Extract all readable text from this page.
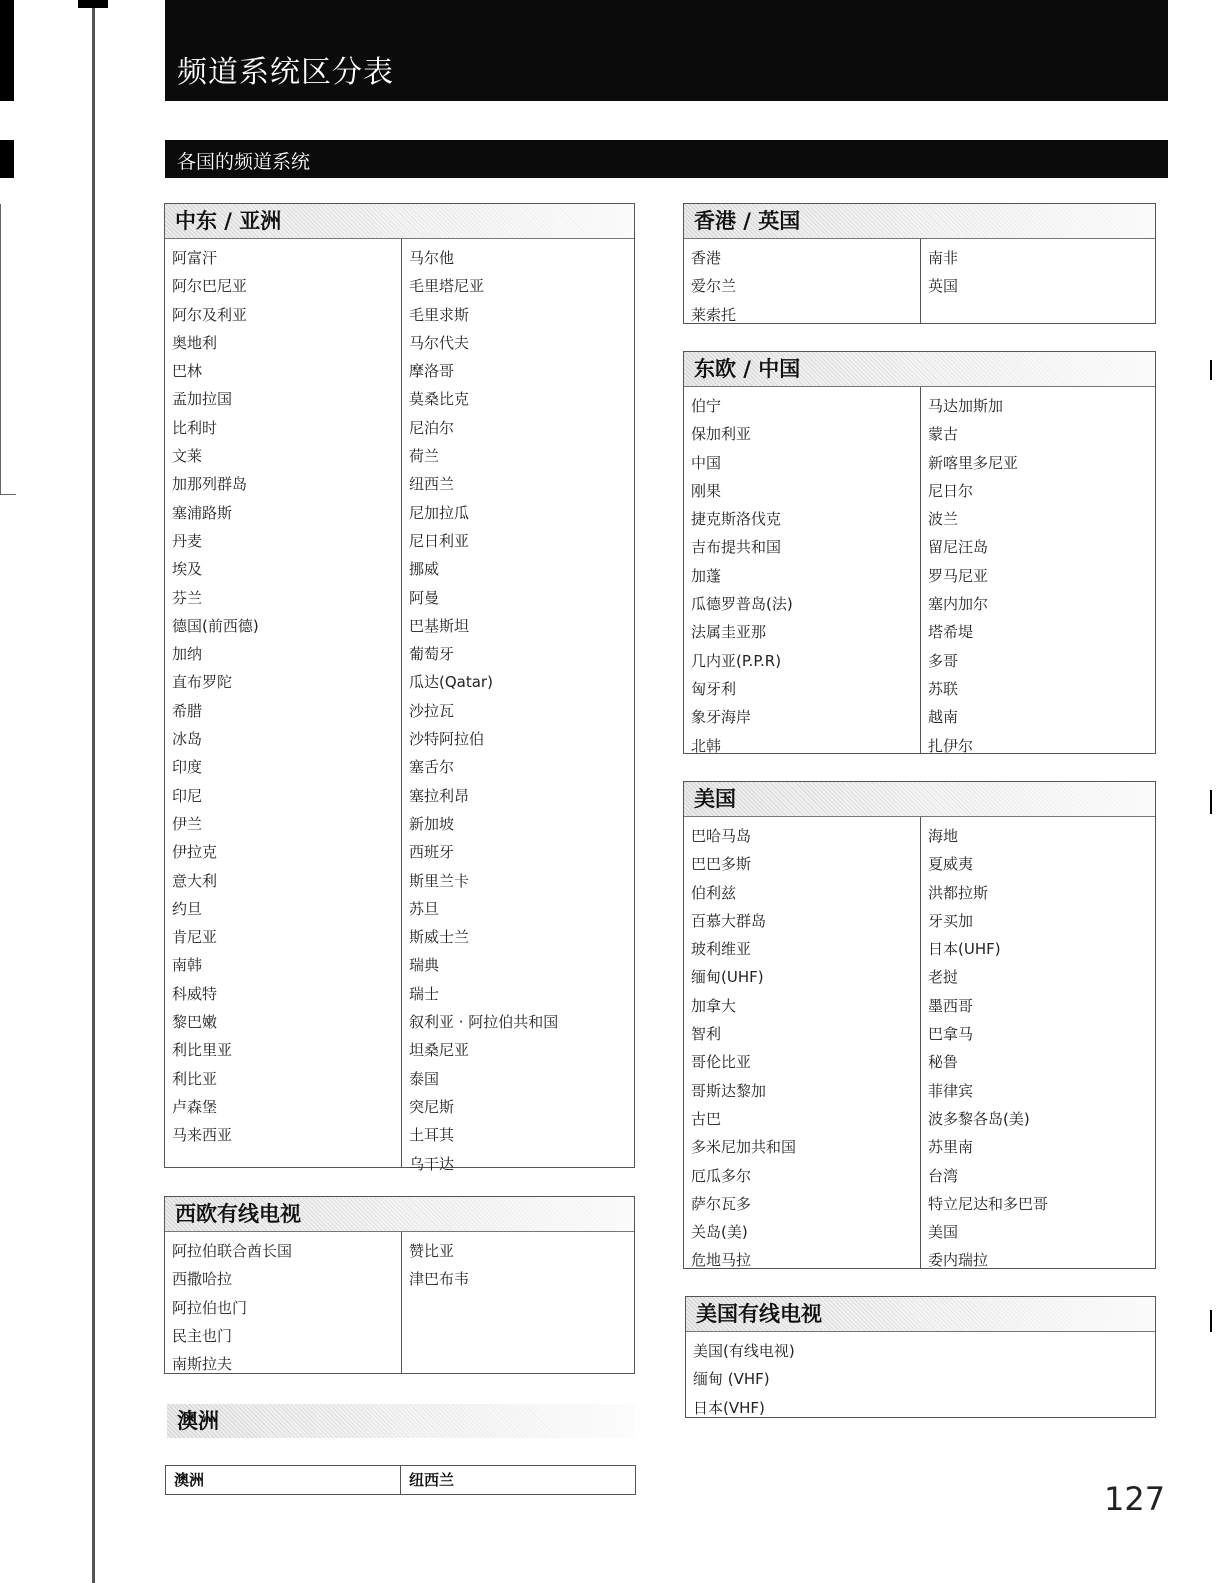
频道系统区分表
各国的频道系统
中东 / 亚洲
阿富汗
阿尔巴尼亚
阿尔及利亚
奥地利
巴林
孟加拉国
比利时
文莱
加那列群岛
塞浦路斯
丹麦
埃及
芬兰
德国(前西德)
加纳
直布罗陀
希腊
冰岛
印度
印尼
伊兰
伊拉克
意大利
约旦
肯尼亚
南韩
科威特
黎巴嫩
利比里亚
利比亚
卢森堡
马来西亚
马尔他
毛里塔尼亚
毛里求斯
马尔代夫
摩洛哥
莫桑比克
尼泊尔
荷兰
纽西兰
尼加拉瓜
尼日利亚
挪威
阿曼
巴基斯坦
葡萄牙
瓜达(Qatar)
沙拉瓦
沙特阿拉伯
塞舌尔
塞拉利昂
新加坡
西班牙
斯里兰卡
苏旦
斯威士兰
瑞典
瑞士
叙利亚 · 阿拉伯共和国
坦桑尼亚
泰国
突尼斯
土耳其
乌干达
西欧有线电视
阿拉伯联合酋长国
西撒哈拉
阿拉伯也门
民主也门
南斯拉夫
赞比亚
津巴布韦
澳洲
澳洲	纽西兰
香港 / 英国
香港
爱尔兰
莱索托
南非
英国
东欧 / 中国
伯宁
保加利亚
中国
刚果
捷克斯洛伐克
吉布提共和国
加蓬
瓜德罗普岛(法)
法属圭亚那
几内亚(P.P.R)
匈牙利
象牙海岸
北韩
马达加斯加
蒙古
新喀里多尼亚
尼日尔
波兰
留尼汪岛
罗马尼亚
塞内加尔
塔希堤
多哥
苏联
越南
扎伊尔
美国
巴哈马岛
巴巴多斯
伯利兹
百慕大群岛
玻利维亚
缅甸(UHF)
加拿大
智利
哥伦比亚
哥斯达黎加
古巴
多米尼加共和国
厄瓜多尔
萨尔瓦多
关岛(美)
危地马拉
海地
夏威夷
洪都拉斯
牙买加
日本(UHF)
老挝
墨西哥
巴拿马
秘鲁
菲律宾
波多黎各岛(美)
苏里南
台湾
特立尼达和多巴哥
美国
委内瑞拉
美国有线电视
美国(有线电视)
缅甸 (VHF)
日本(VHF)
127
